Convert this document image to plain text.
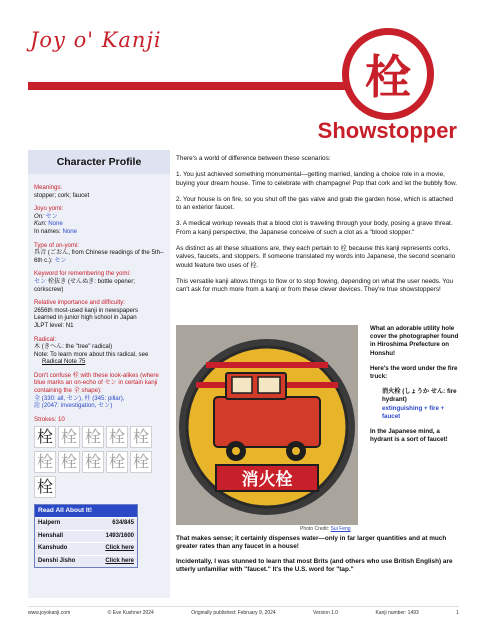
Joy o' Kanji
栓
Showstopper
Character Profile
Meanings:
stopper; cork; faucet
Joyo yomi:
On: セン
Kun: None
In names: None
Type of on-yomi:
呉音 (ごおん, from Chinese readings of the 5th–6th c.): セン
Keyword for remembering the yomi:
セン 栓抜き (せんぬき: bottle opener; corkscrew)
Relative importance and difficulty:
2656th most-used kanji in newspapers
Learned in junior high school in Japan
JLPT level: N1
Radical:
木 (きへん: the "tree" radical)
Note: To learn more about this radical, see
Radical Note 75
Don't confuse 栓 with these look-alikes (where blue marks an on-echo of セン in certain kanji containing the 全 shape):
全 (330: all, セン), 柱 (345: pillar),
詮 (2047: investigation, セン)
Strokes: 10
栓 栓 栓 栓 栓
栓 栓 栓 栓 栓
栓
Read All About It!
Halpern	634/845
Henshall	1493/1600
Kanshudo	Click here
Denshi Jisho	Click here

There's a world of difference between these scenarios:

1. You just achieved something monumental—getting married, landing a choice role in a movie, buying your dream house. Time to celebrate with champagne! Pop that cork and let the bubbly flow.

2. Your house is on fire, so you shut off the gas valve and grab the garden hose, which is attached to an exterior faucet.

3. A medical workup reveals that a blood clot is traveling through your body, posing a grave threat. From a kanji perspective, the Japanese conceive of such a clot as a "blood stopper."

As distinct as all these situations are, they each pertain to 栓 because this kanji represents corks, valves, faucets, and stoppers. If someone translated my words into Japanese, the second scenario would feature two uses of 栓.

This versatile kanji allows things to flow or to stop flowing, depending on what the user needs. You can't ask for much more from a kanji or from these clever devices. They're true showstoppers!

消火栓
Photo Credit: Sui Feng

What an adorable utility hole cover the photographer found in Hiroshima Prefecture on Honshu!

Here's the word under the fire truck:

消火栓 (しょうか せん: fire hydrant)

extinguishing + fire + faucet

In the Japanese mind, a hydrant is a sort of faucet!

That makes sense; it certainly dispenses water—only in far larger quantities and at much greater rates than any faucet in a house!

Incidentally, I was stunned to learn that most Brits (and others who use British English) are utterly unfamiliar with "faucet." It's the U.S. word for "tap."

www.joyokanji.com	© Eve Kushner 2024	Originally published: February 9, 2024	Version 1.0	Kanji number: 1493	1
